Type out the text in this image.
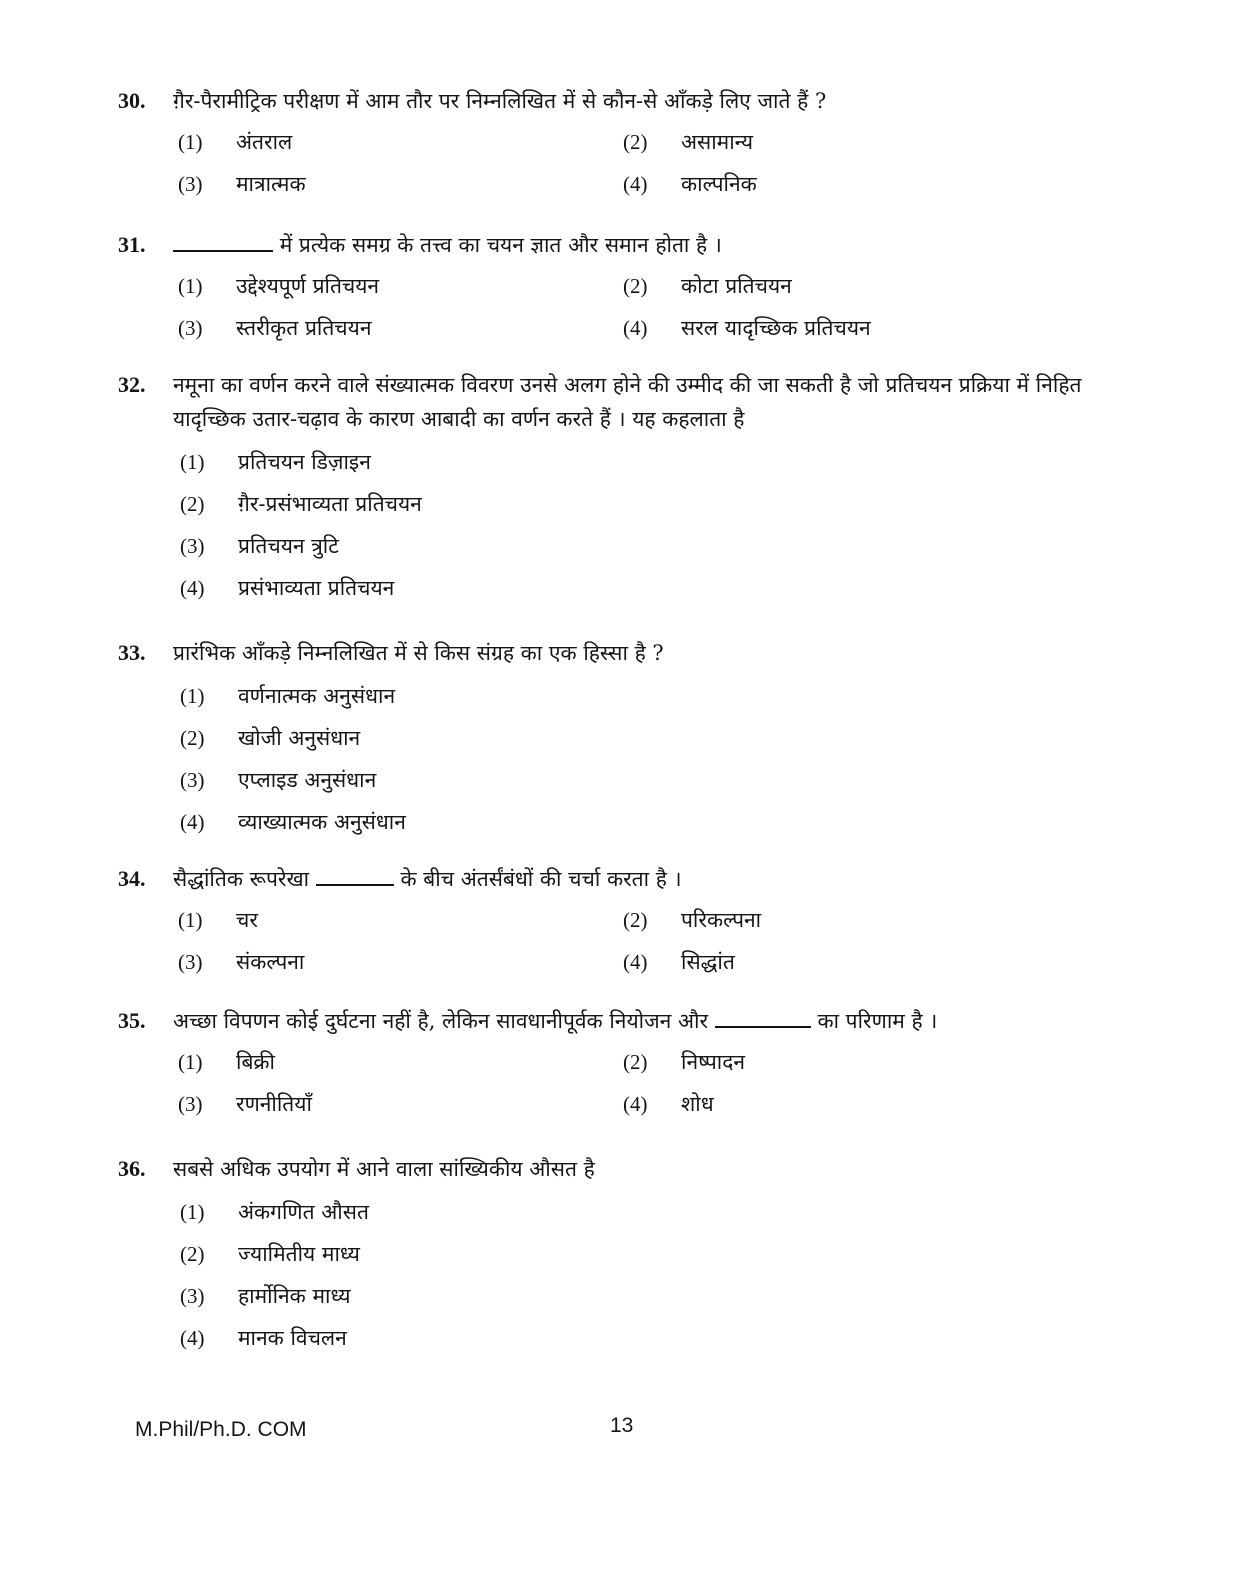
30.	ग़ैर-पैरामीट्रिक परीक्षण में आम तौर पर निम्नलिखित में से कौन-से आँकड़े लिए जाते हैं ?
(1) अंतराल	(2) असामान्य
(3) मात्रात्मक	(4) काल्पनिक
31.	में प्रत्येक समग्र के तत्त्व का चयन ज्ञात और समान होता है ।
(1) उद्देश्यपूर्ण प्रतिचयन	(2) कोटा प्रतिचयन
(3) स्तरीकृत प्रतिचयन	(4) सरल यादृच्छिक प्रतिचयन
32.	नमूना का वर्णन करने वाले संख्यात्मक विवरण उनसे अलग होने की उम्मीद की जा सकती है जो प्रतिचयन प्रक्रिया में निहित यादृच्छिक उतार-चढ़ाव के कारण आबादी का वर्णन करते हैं । यह कहलाता है
(1) प्रतिचयन डिज़ाइन
(2) ग़ैर-प्रसंभाव्यता प्रतिचयन
(3) प्रतिचयन त्रुटि
(4) प्रसंभाव्यता प्रतिचयन
33.	प्रारंभिक आँकड़े निम्नलिखित में से किस संग्रह का एक हिस्सा है ?
(1) वर्णनात्मक अनुसंधान
(2) खोजी अनुसंधान
(3) एप्लाइड अनुसंधान
(4) व्याख्यात्मक अनुसंधान
34.	सैद्धांतिक रूपरेखा	के बीच अंतर्संबंधों की चर्चा करता है ।
(1) चर	(2) परिकल्पना
(3) संकल्पना	(4) सिद्धांत
35.	अच्छा विपणन कोई दुर्घटना नहीं है, लेकिन सावधानीपूर्वक नियोजन और	का परिणाम है ।
(1) बिक्री	(2) निष्पादन
(3) रणनीतियाँ	(4) शोध
36.	सबसे अधिक उपयोग में आने वाला सांख्यिकीय औसत है
(1) अंकगणित औसत
(2) ज्यामितीय माध्य
(3) हार्मोनिक माध्य
(4) मानक विचलन
M.Phil/Ph.D. COM	13
